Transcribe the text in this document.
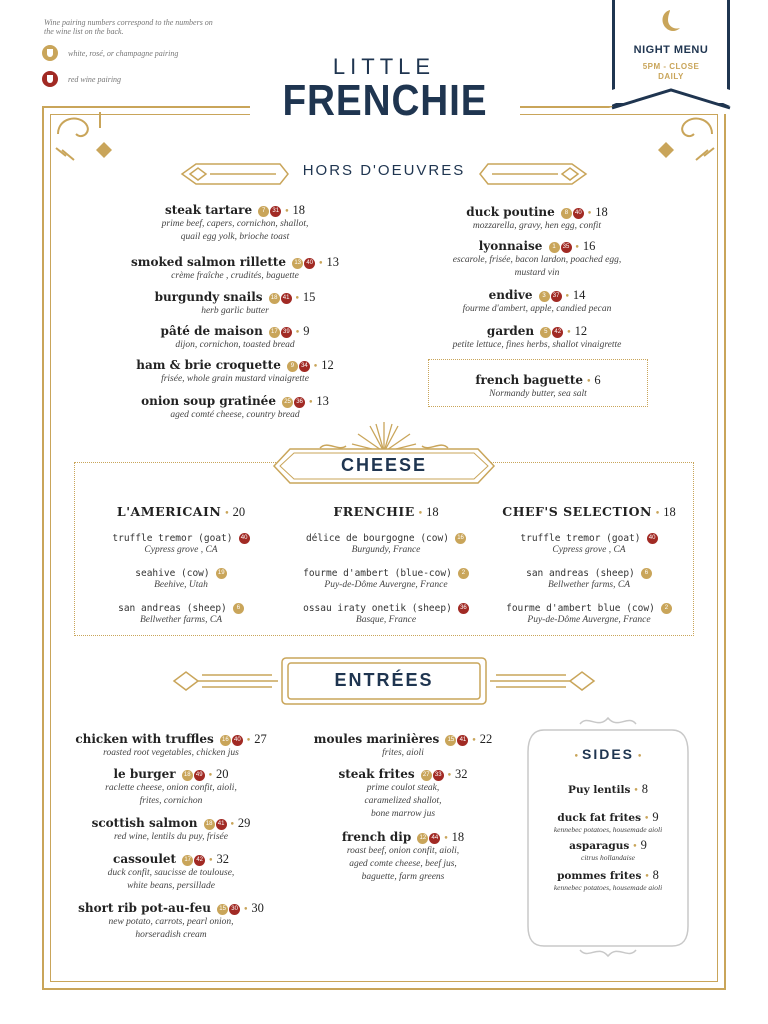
Wine pairing numbers correspond to the numbers on the wine list on the back.
white, rosé, or champagne pairing
red wine pairing	LITTLE
FRENCHIE
NIGHT MENU
5PM - CLOSE
DAILY
HORS D'OEUVRES
steak tartare 7 31 • 18
prime beef, capers, cornichon, shallot,
quail egg yolk, brioche toast
smoked salmon rillette 13 40 • 13
crème fraîche , crudités, baguette
burgundy snails 18 41 • 15
herb garlic butter
pâté de maison 17 39 • 9
dijon, cornichon, toasted bread
ham & brie croquette 9 34 • 12
frisée, whole grain mustard vinaigrette
onion soup gratinée 25 36 • 13
aged comté cheese, country bread
duck poutine 8 40 • 18
mozzarella, gravy, hen egg, confit
lyonnaise 1 35 • 16
escarole, frisée, bacon lardon, poached egg,
mustard vin
endive 3 37 • 14
fourme d'ambert, apple, candied pecan
garden 5 42 • 12
petite lettuce, fines herbs, shallot vinaigrette
french baguette • 6
Normandy butter, sea salt
CHEESE
L'AMERICAIN • 20
truffle tremor (goat) 40
Cypress grove , CA
seahive (cow) 19
Beehive, Utah
san andreas (sheep) 6
Bellwether farms, CA
FRENCHIE • 18
délice de bourgogne (cow) 16
Burgundy, France
fourme d'ambert (blue-cow) 2
Puy-de-Dôme Auvergne, France
ossau iraty onetik (sheep) 36
Basque, France
CHEF'S SELECTION • 18
truffle tremor (goat) 40
Cypress grove , CA
san andreas (sheep) 6
Bellwether farms, CA
fourme d'ambert blue (cow) 2
Puy-de-Dôme Auvergne, France
ENTRÉES
chicken with truffles 16 40 • 27
roasted root vegetables, chicken jus
le burger 18 49 • 20
raclette cheese, onion confit, aioli,
frites, cornichon
scottish salmon 18 41 • 29
red wine, lentils du puy, frisée
cassoulet 17 42 • 32
duck confit, saucisse de toulouse,
white beans, persillade
short rib pot-au-feu 15 30 • 30
new potato, carrots, pearl onion,
horseradish cream
moules marinières 15 41 • 22
frites, aioli
steak frites 27 33 • 32
prime coulot steak,
caramelized shallot,
bone marrow jus
french dip 12 44 • 18
roast beef, onion confit, aioli,
aged comte cheese, beef jus,
baguette, farm greens
• SIDES •
Puy lentils • 8
duck fat frites • 9
kennebec potatoes, housemade aioli
asparagus • 9
citrus hollandaise
pommes frites • 8
kennebec potatoes, housemade aioli
